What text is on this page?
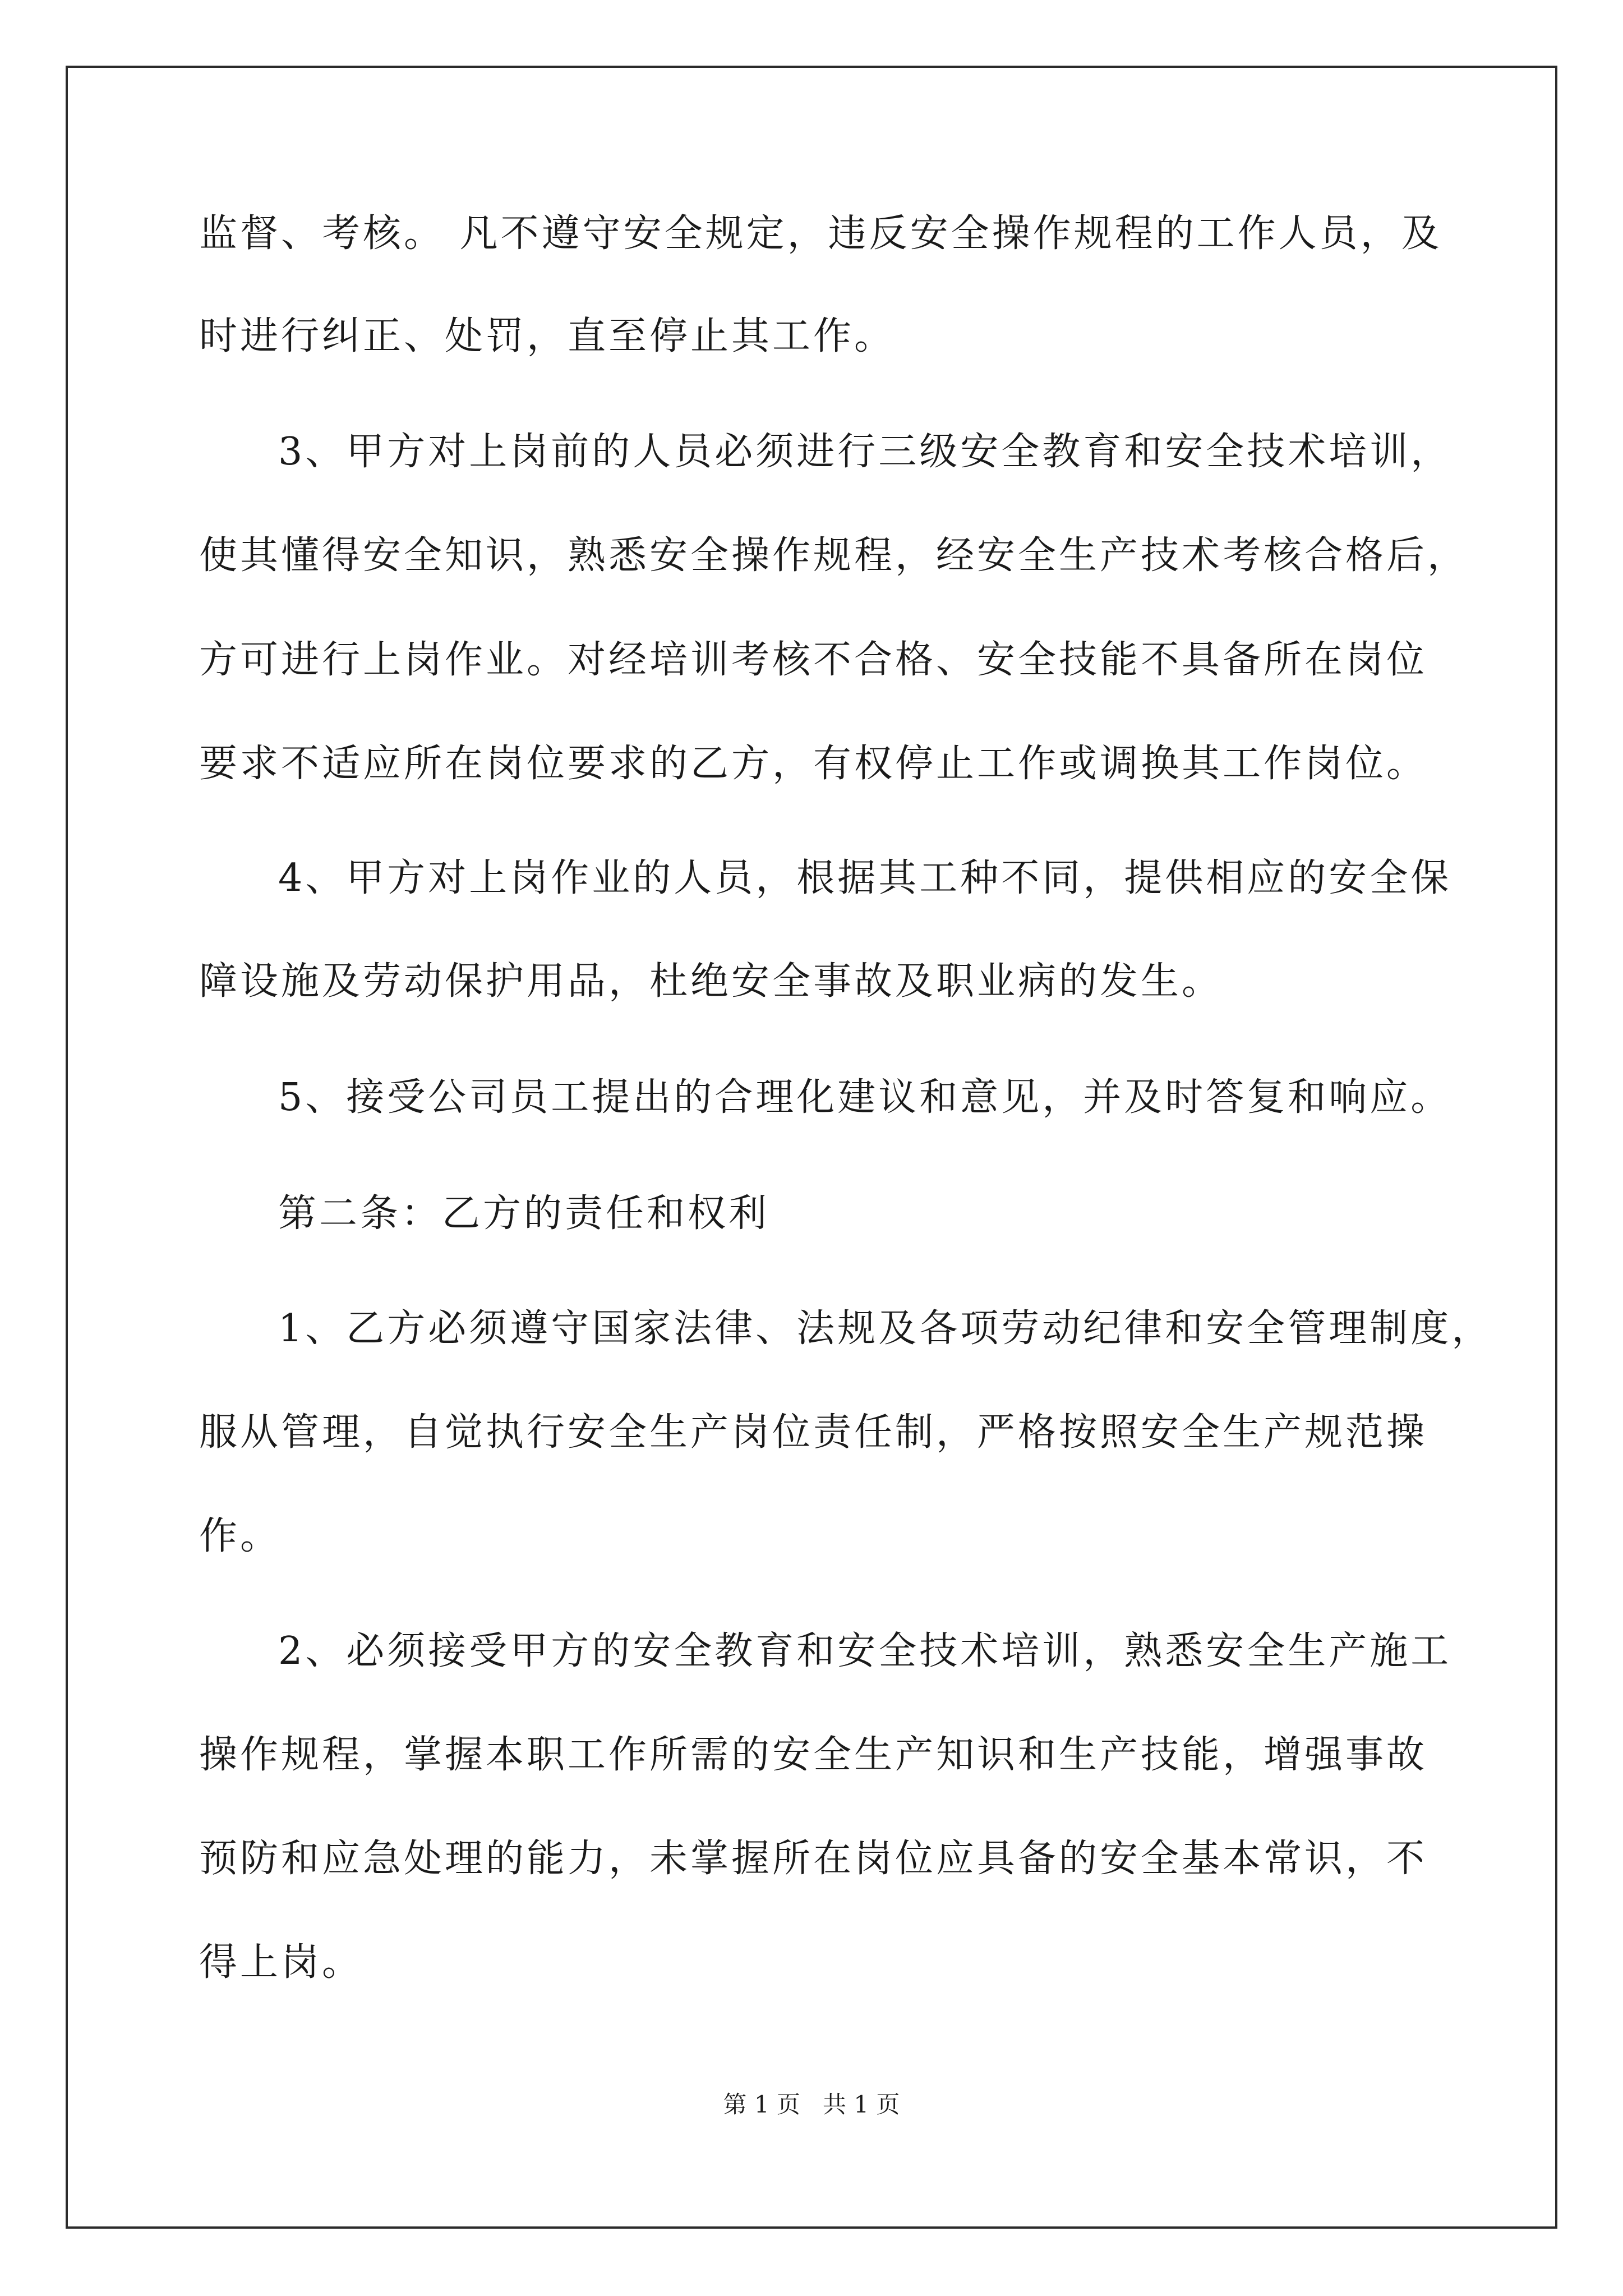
监督、考核。 凡不遵守安全规定，违反安全操作规程的工作人员，及
时进行纠正、处罚，直至停止其工作。
3、甲方对上岗前的人员必须进行三级安全教育和安全技术培训，
使其懂得安全知识，熟悉安全操作规程，经安全生产技术考核合格后，
方可进行上岗作业。对经培训考核不合格、安全技能不具备所在岗位
要求不适应所在岗位要求的乙方，有权停止工作或调换其工作岗位。
4、甲方对上岗作业的人员，根据其工种不同，提供相应的安全保
障设施及劳动保护用品，杜绝安全事故及职业病的发生。
5、接受公司员工提出的合理化建议和意见，并及时答复和响应。
第二条：乙方的责任和权利
1、乙方必须遵守国家法律、法规及各项劳动纪律和安全管理制度，
服从管理，自觉执行安全生产岗位责任制，严格按照安全生产规范操
作。
2、必须接受甲方的安全教育和安全技术培训，熟悉安全生产施工
操作规程，掌握本职工作所需的安全生产知识和生产技能，增强事故
预防和应急处理的能力，未掌握所在岗位应具备的安全基本常识，不
得上岗。
第 1 页   共 1 页
